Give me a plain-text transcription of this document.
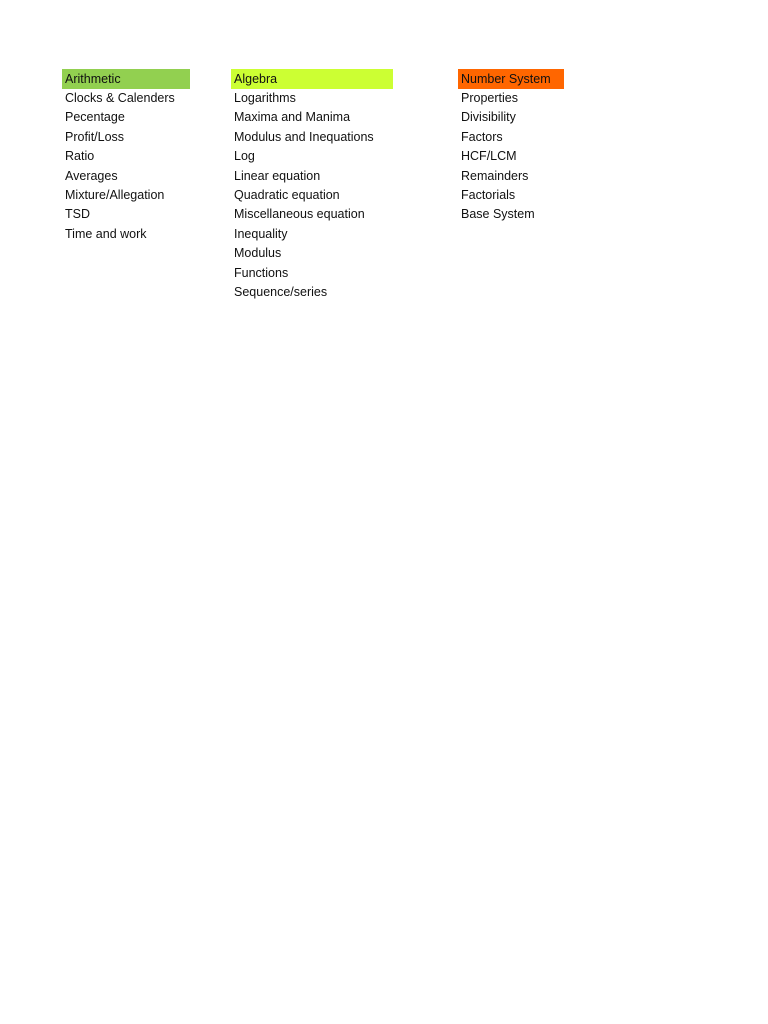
Arithmetic
Clocks & Calenders
Pecentage
Profit/Loss
Ratio
Averages
Mixture/Allegation
TSD
Time and work
Algebra
Logarithms
Maxima and Manima
Modulus and Inequations
Log
Linear equation
Quadratic equation
Miscellaneous equation
Inequality
Modulus
Functions
Sequence/series
Number System
Properties
Divisibility
Factors
HCF/LCM
Remainders
Factorials
Base System
